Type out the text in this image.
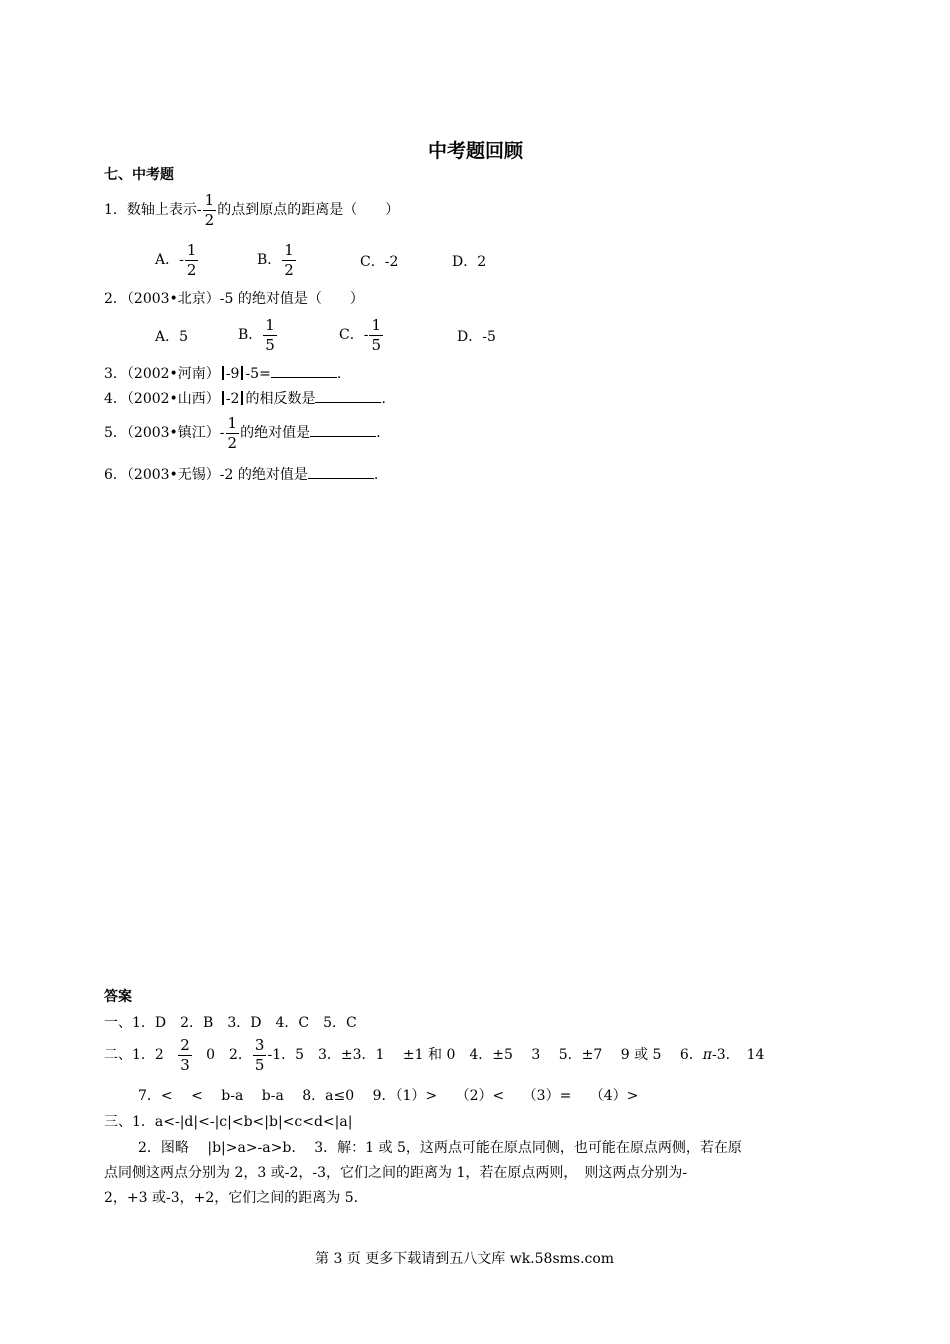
中考题回顾
七、中考题
1．数轴上表示- $\frac{1}{2}$ 的点到原点的距离是（　　）
A．- $\frac{1}{2}$	B． $\frac{1}{2}$	C．-2	D．2
2．（2003•北京）-5 的绝对值是（　　）
A．5	B． $\frac{1}{5}$	C．- $\frac{1}{5}$	D．-5
3．（2002•河南） -9 -5=	.
4．（2002•山西） -2 的相反数是	.
5．（2003•镇江）- $\frac{1}{2}$ 的绝对值是	.
6．（2003•无锡）-2 的绝对值是	.
答案
一、1．D　2．B　3．D　4．C　5．C
二、1．$2 \frac{2}{3} 0$　2． $\frac{3}{5} -1$．5　3．±3．1　 ±1 和 0　4．±5　 3　 5．±7　 9 或 5　 6．π-3．　14
7．<　 <　 b-a　 b-a　 8．a≤0　 9．（1）>　 （2）<　 （3）=　 （4）>
三、1．a<-|d|<-|c|<b<|b|<c<d<|a|
2．图略　 |b|>a>-a>b.　 3．解：1 或 5，这两点可能在原点同侧，也可能在原点两侧，若在原
点同侧这两点分别为 2，3 或-2，-3，它们之间的距离为 1，若在原点两则，　则这两点分别为-
2，+3 或-3，+2，它们之间的距离为 5.
第 3 页 更多下载请到五八文库 wk.58sms.com
